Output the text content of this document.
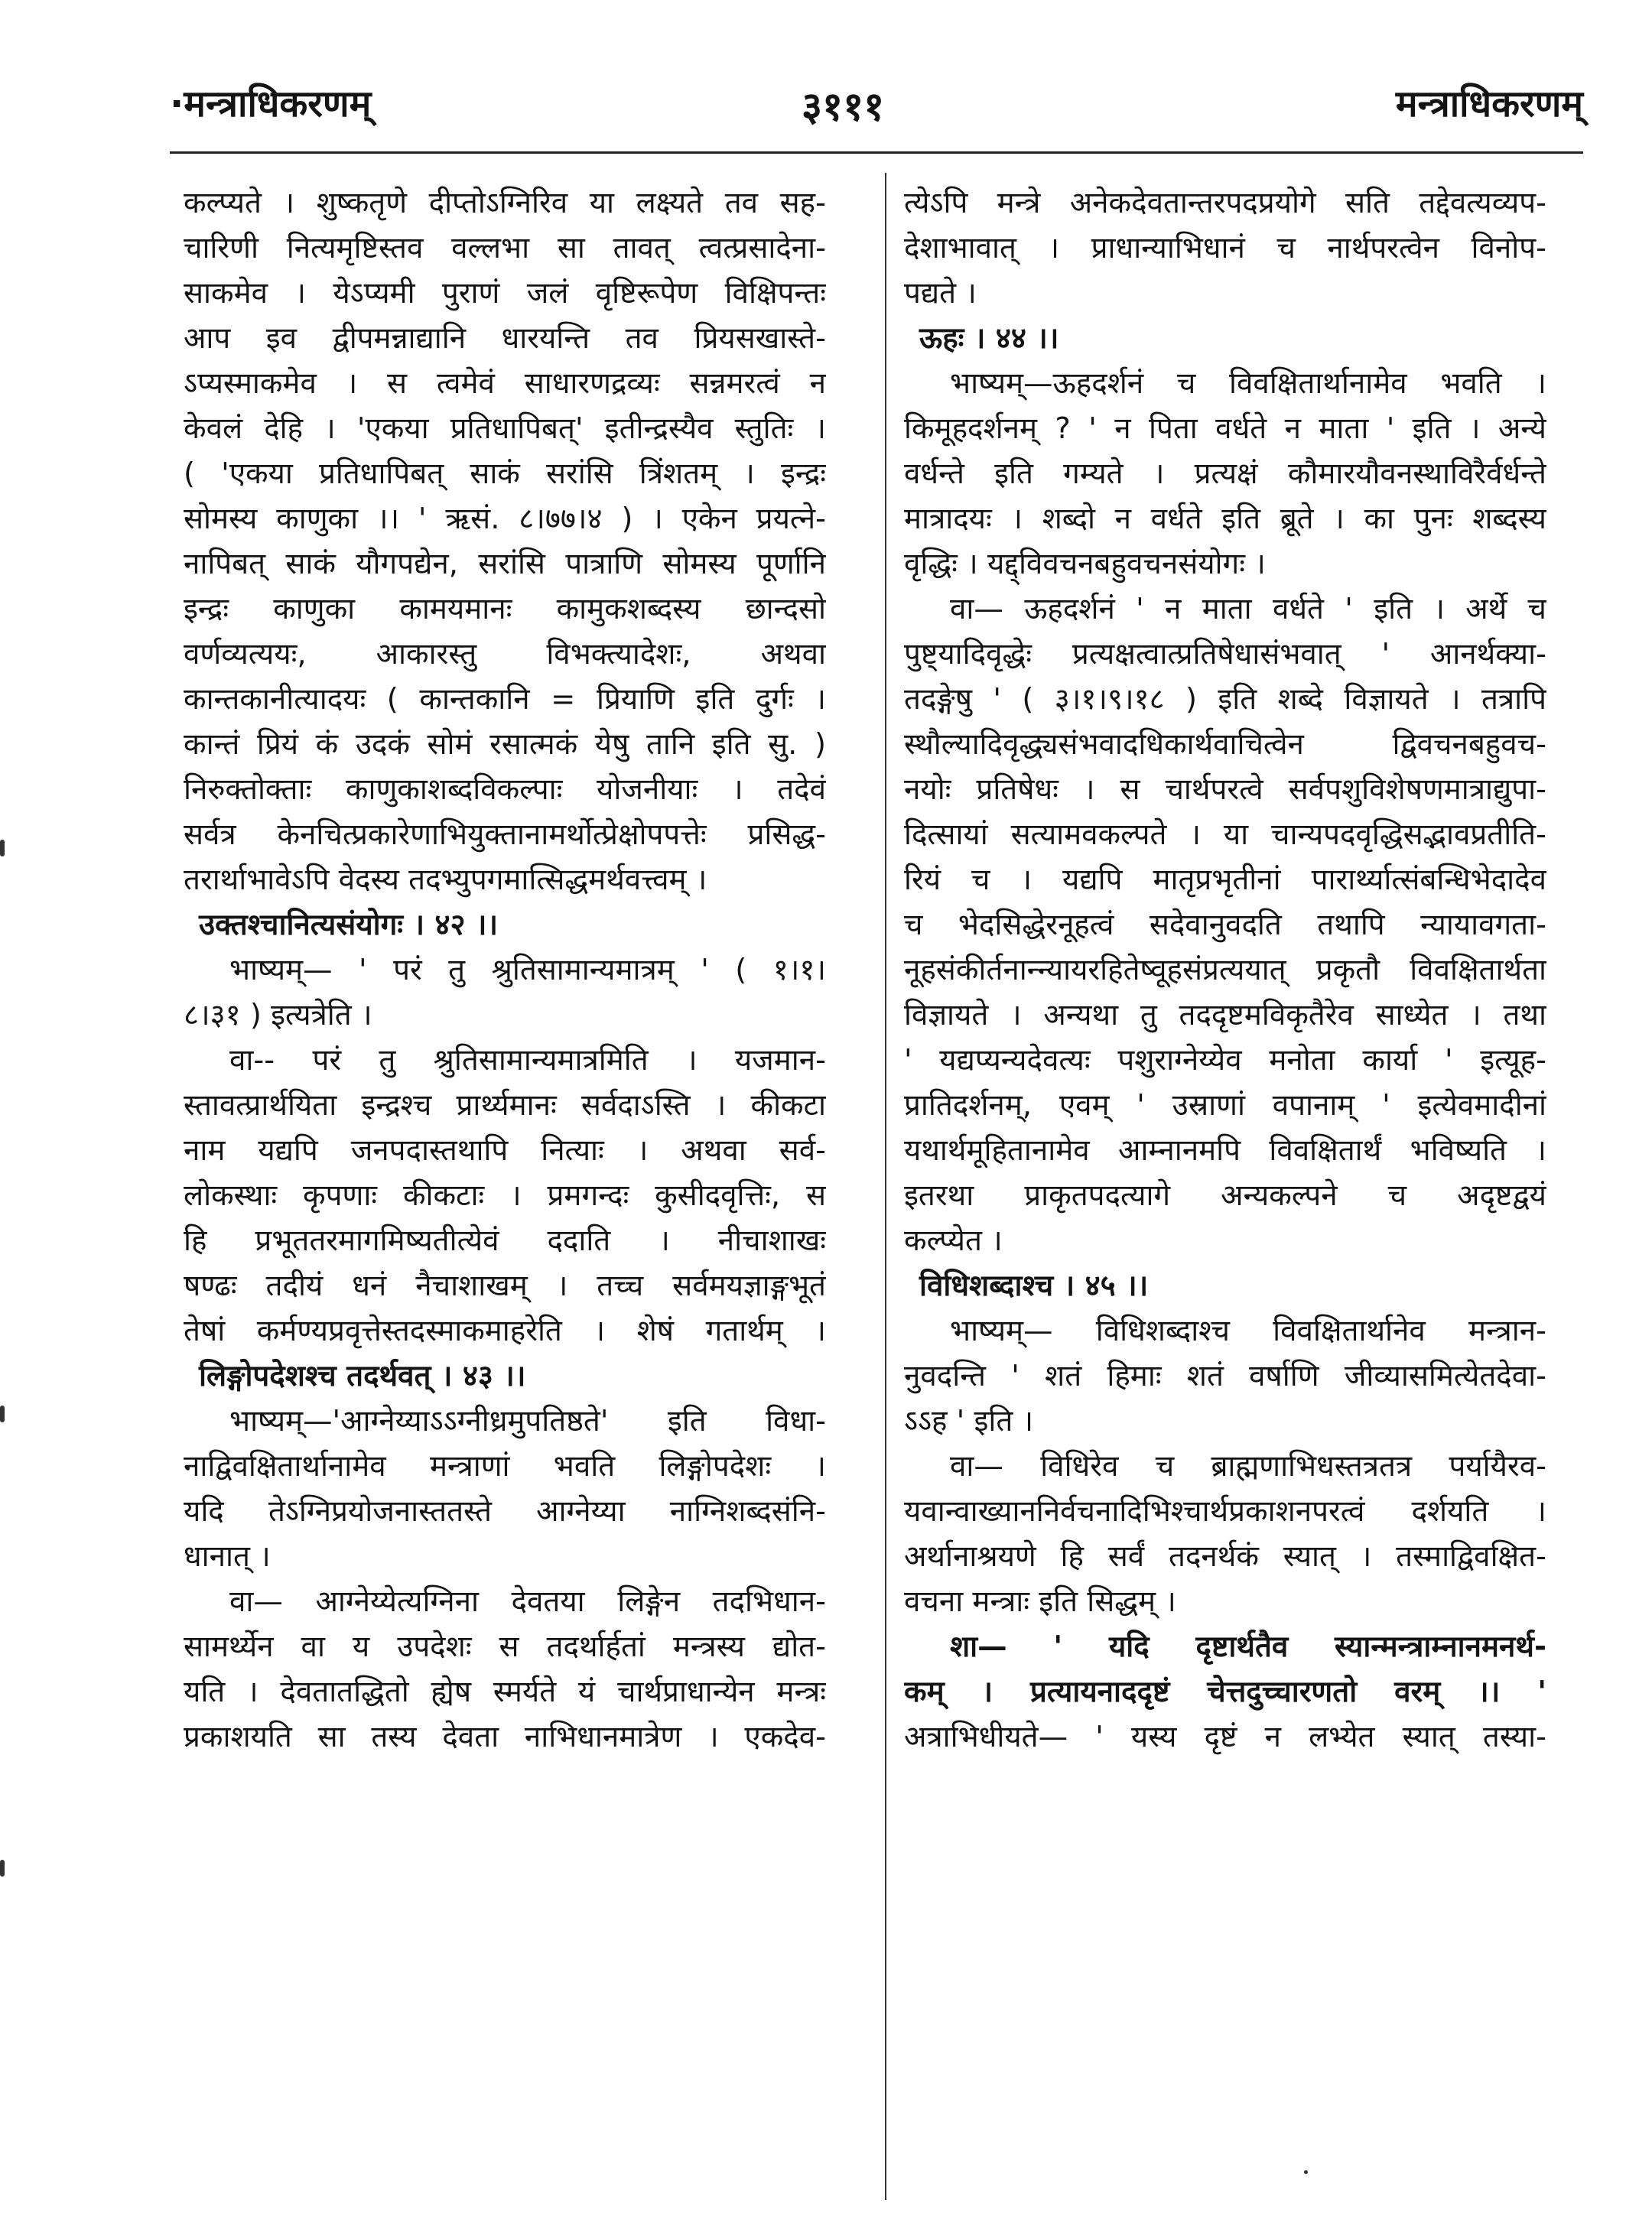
·मन्त्राधिकरणम्	३१११	मन्त्राधिकरणम्
कल्प्यते । शुष्कतृणे दीप्तोऽग्निरिव या लक्ष्यते तव सह-
चारिणी नित्यमृष्टिस्तव वल्लभा सा तावत् त्वत्प्रसादेना-
साकमेव । येऽप्यमी पुराणं जलं वृष्टिरूपेण विक्षिपन्तः
आप इव द्वीपमन्नाद्यानि धारयन्ति तव प्रियसखास्ते-
ऽप्यस्माकमेव । स त्वमेवं साधारणद्रव्यः सन्नमरत्वं न
केवलं देहि । 'एकया प्रतिधापिबत्' इतीन्द्रस्यैव स्तुतिः ।
( 'एकया प्रतिधापिबत् साकं सरांसि त्रिंशतम् । इन्द्रः
सोमस्य काणुका ।। ' ऋसं. ८।७७।४ ) । एकेन प्रयत्ने-
नापिबत् साकं यौगपद्येन, सरांसि पात्राणि सोमस्य पूर्णानि
इन्द्रः काणुका कामयमानः कामुकशब्दस्य छान्दसो
वर्णव्यत्ययः, आकारस्तु विभक्त्यादेशः, अथवा
कान्तकानीत्यादयः ( कान्तकानि = प्रियाणि इति दुर्गः ।
कान्तं प्रियं कं उदकं सोमं रसात्मकं येषु तानि इति सु. )
निरुक्तोक्ताः काणुकाशब्दविकल्पाः योजनीयाः । तदेवं
सर्वत्र केनचित्प्रकारेणाभियुक्तानामर्थोत्प्रेक्षोपपत्तेः प्रसिद्ध-
तरार्थाभावेऽपि वेदस्य तदभ्युपगमात्सिद्धमर्थवत्त्वम् ।
उक्तश्चानित्यसंयोगः । ४२ ।।
भाष्यम्— ' परं तु श्रुतिसामान्यमात्रम् ' ( १।१।
८।३१ ) इत्यत्रेति ।
वा-- परं तु श्रुतिसामान्यमात्रमिति । यजमान-
स्तावत्प्रार्थयिता इन्द्रश्च प्रार्थ्यमानः सर्वदाऽस्ति । कीकटा
नाम यद्यपि जनपदास्तथापि नित्याः । अथवा सर्व-
लोकस्थाः कृपणाः कीकटाः । प्रमगन्दः कुसीदवृत्तिः, स
हि प्रभूततरमागमिष्यतीत्येवं ददाति । नीचाशाखः
षण्ढः तदीयं धनं नैचाशाखम् । तच्च सर्वमयज्ञाङ्गभूतं
तेषां कर्मण्यप्रवृत्तेस्तदस्माकमाहरेति । शेषं गतार्थम् ।
लिङ्गोपदेशश्च तदर्थवत् । ४३ ।।
भाष्यम्—'आग्नेय्याऽऽग्नीध्रमुपतिष्ठते' इति विधा-
नाद्विवक्षितार्थानामेव मन्त्राणां भवति लिङ्गोपदेशः ।
यदि तेऽग्निप्रयोजनास्ततस्ते आग्नेय्या नाग्निशब्दसंनि-
धानात् ।
वा— आग्नेय्येत्यग्निना देवतया लिङ्गेन तदभिधान-
सामर्थ्येन वा य उपदेशः स तदर्थार्हतां मन्त्रस्य द्योत-
यति । देवतातद्धितो ह्येष स्मर्यते यं चार्थप्राधान्येन मन्त्रः
प्रकाशयति सा तस्य देवता नाभिधानमात्रेण । एकदेव-
त्येऽपि मन्त्रे अनेकदेवतान्तरपदप्रयोगे सति तद्देवत्यव्यप-
देशाभावात् । प्राधान्याभिधानं च नार्थपरत्वेन विनोप-
पद्यते ।
ऊहः । ४४ ।।
भाष्यम्—ऊहदर्शनं च विवक्षितार्थानामेव भवति ।
किमूहदर्शनम् ? ' न पिता वर्धते न माता ' इति । अन्ये
वर्धन्ते इति गम्यते । प्रत्यक्षं कौमारयौवनस्थाविरैर्वर्धन्ते
मात्रादयः । शब्दो न वर्धते इति ब्रूते । का पुनः शब्दस्य
वृद्धिः । यद्द्विवचनबहुवचनसंयोगः ।
वा— ऊहदर्शनं ' न माता वर्धते ' इति । अर्थे च
पुष्ट्यादिवृद्धेः प्रत्यक्षत्वात्प्रतिषेधासंभवात् ' आनर्थक्या-
तदङ्गेषु ' ( ३।१।९।१८ ) इति शब्दे विज्ञायते । तत्रापि
स्थौल्यादिवृद्ध्यसंभवादधिकार्थवाचित्वेन द्विवचनबहुवच-
नयोः प्रतिषेधः । स चार्थपरत्वे सर्वपशुविशेषणमात्राद्युपा-
दित्सायां सत्यामवकल्पते । या चान्यपदवृद्धिसद्भावप्रतीति-
रियं च । यद्यपि मातृप्रभृतीनां पारार्थ्यात्संबन्धिभेदादेव
च भेदसिद्धेरनूहत्वं सदेवानुवदति तथापि न्यायावगता-
नूहसंकीर्तनान्न्यायरहितेष्वूहसंप्रत्ययात् प्रकृतौ विवक्षितार्थता
विज्ञायते । अन्यथा तु तददृष्टमविकृतैरेव साध्येत । तथा
' यद्यप्यन्यदेवत्यः पशुराग्नेय्येव मनोता कार्या ' इत्यूह-
प्रातिदर्शनम्, एवम् ' उस्राणां वपानाम् ' इत्येवमादीनां
यथार्थमूहितानामेव आम्नानमपि विवक्षितार्थं भविष्यति ।
इतरथा प्राकृतपदत्यागे अन्यकल्पने च अदृष्टद्वयं
कल्प्येत ।
विधिशब्दाश्च । ४५ ।।
भाष्यम्— विधिशब्दाश्च विवक्षितार्थानेव मन्त्रान-
नुवदन्ति ' शतं हिमाः शतं वर्षाणि जीव्यासमित्येतदेवा-
ऽऽह ' इति ।
वा— विधिरेव च ब्राह्मणाभिधस्तत्रतत्र पर्यायैरव-
यवान्वाख्याननिर्वचनादिभिश्चार्थप्रकाशनपरत्वं दर्शयति ।
अर्थानाश्रयणे हि सर्वं तदनर्थकं स्यात् । तस्माद्विवक्षित-
वचना मन्त्राः इति सिद्धम् ।
शा— ' यदि दृष्टार्थतैव स्यान्मन्त्राम्नानमनर्थ-
कम् । प्रत्यायनाददृष्टं चेत्तदुच्चारणतो वरम् ।। '
अत्राभिधीयते— ' यस्य दृष्टं न लभ्येत स्यात् तस्या-
